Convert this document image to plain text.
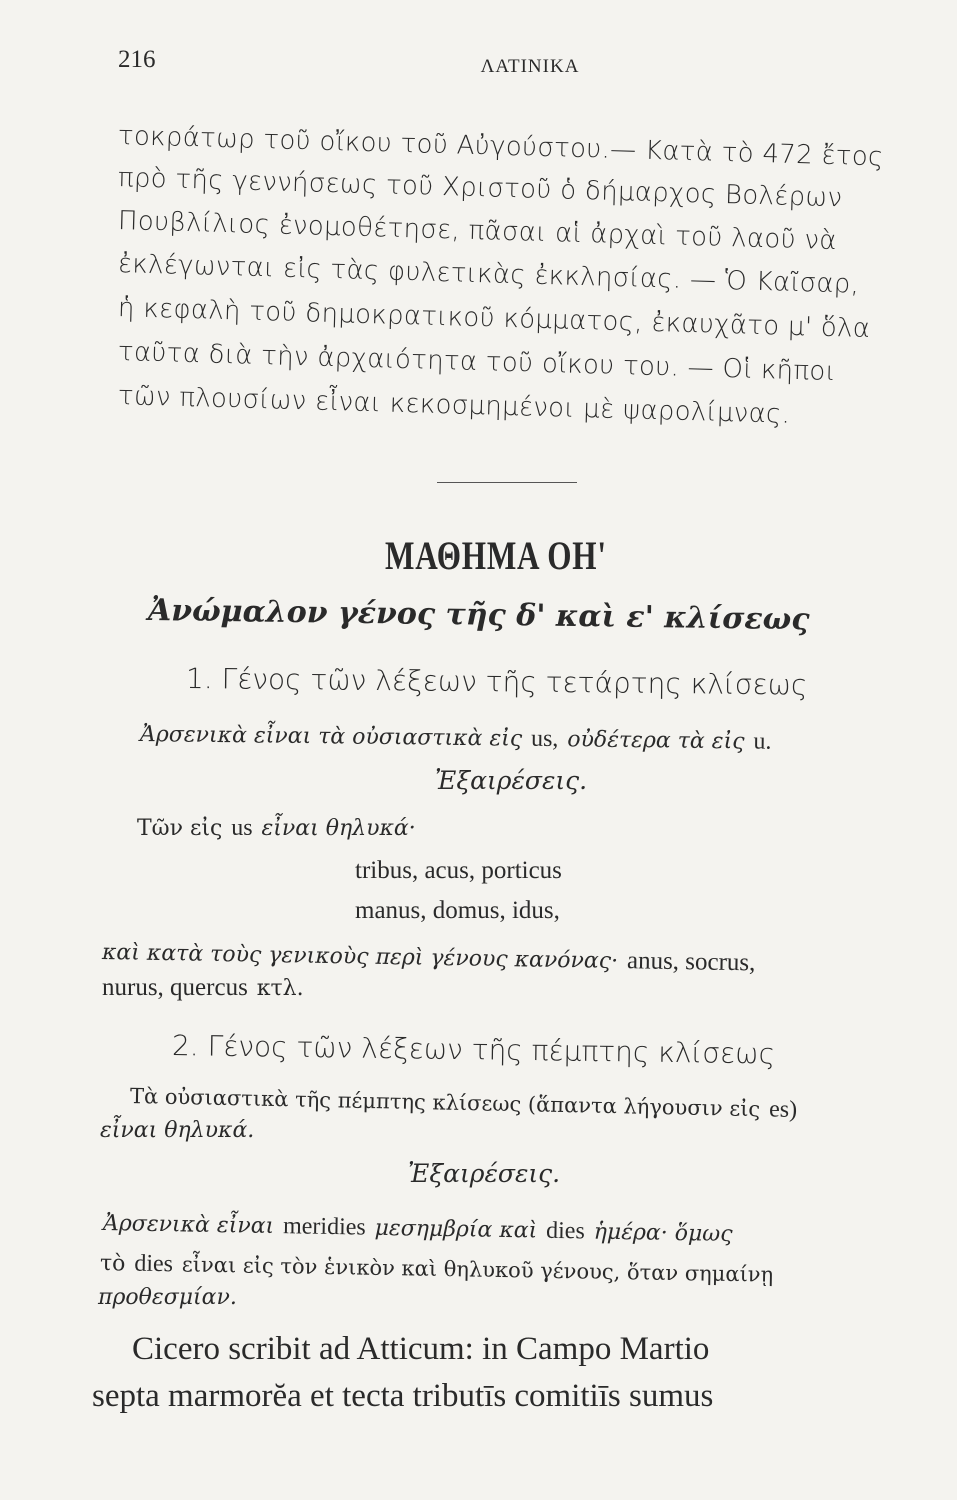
216	ΛΑΤΙΝΙΚΑ
τοκράτωρ τοῦ οἴκου τοῦ Αὐγούστου.— Κατὰ τὸ 472 ἔτος
πρὸ τῆς γεννήσεως τοῦ Χριστοῦ ὁ δήμαρχος Βολέρων
Πουβλίλιος ἐνομοθέτησε, πᾶσαι αἱ ἀρχαὶ τοῦ λαοῦ νὰ
ἐκλέγωνται εἰς τὰς φυλετικὰς ἐκκλησίας. — Ὁ Καῖσαρ,
ἡ κεφαλὴ τοῦ δημοκρατικοῦ κόμματος, ἐκαυχᾶτο μ' ὅλα
ταῦτα διὰ τὴν ἀρχαιότητα τοῦ οἴκου του. — Οἱ κῆποι
τῶν πλουσίων εἶναι κεκοσμημένοι μὲ ψαρολίμνας.
ΜΑΘΗΜΑ ΟΗ'
Ἀνώμαλον γένος τῆς δ' καὶ ε' κλίσεως
1. Γένος τῶν λέξεων τῆς τετάρτης κλίσεως
Ἀρσενικὰ εἶναι τὰ οὐσιαστικὰ εἰς us, οὐδέτερα τὰ εἰς u.
Ἐξαιρέσεις.
Τῶν εἰς us εἶναι θηλυκά·
tribus, acus, porticus
manus, domus, idus,
καὶ κατὰ τοὺς γενικοὺς περὶ γένους κανόνας· anus, socrus,
nurus, quercus κτλ.
2. Γένος τῶν λέξεων τῆς πέμπτης κλίσεως
Τὰ οὐσιαστικὰ τῆς πέμπτης κλίσεως (ἅπαντα λήγουσιν εἰς es)
εἶναι θηλυκά.
Ἐξαιρέσεις.
Ἀρσενικὰ εἶναι meridies μεσημβρία καὶ dies ἡμέρα· ὅμως
τὸ dies εἶναι εἰς τὸν ἑνικὸν καὶ θηλυκοῦ γένους, ὅταν σημαίνῃ
προθεσμίαν.
Cicero scribit ad Atticum: in Campo Martio
septa marmorĕa et tecta tributīs comitiīs sumus
